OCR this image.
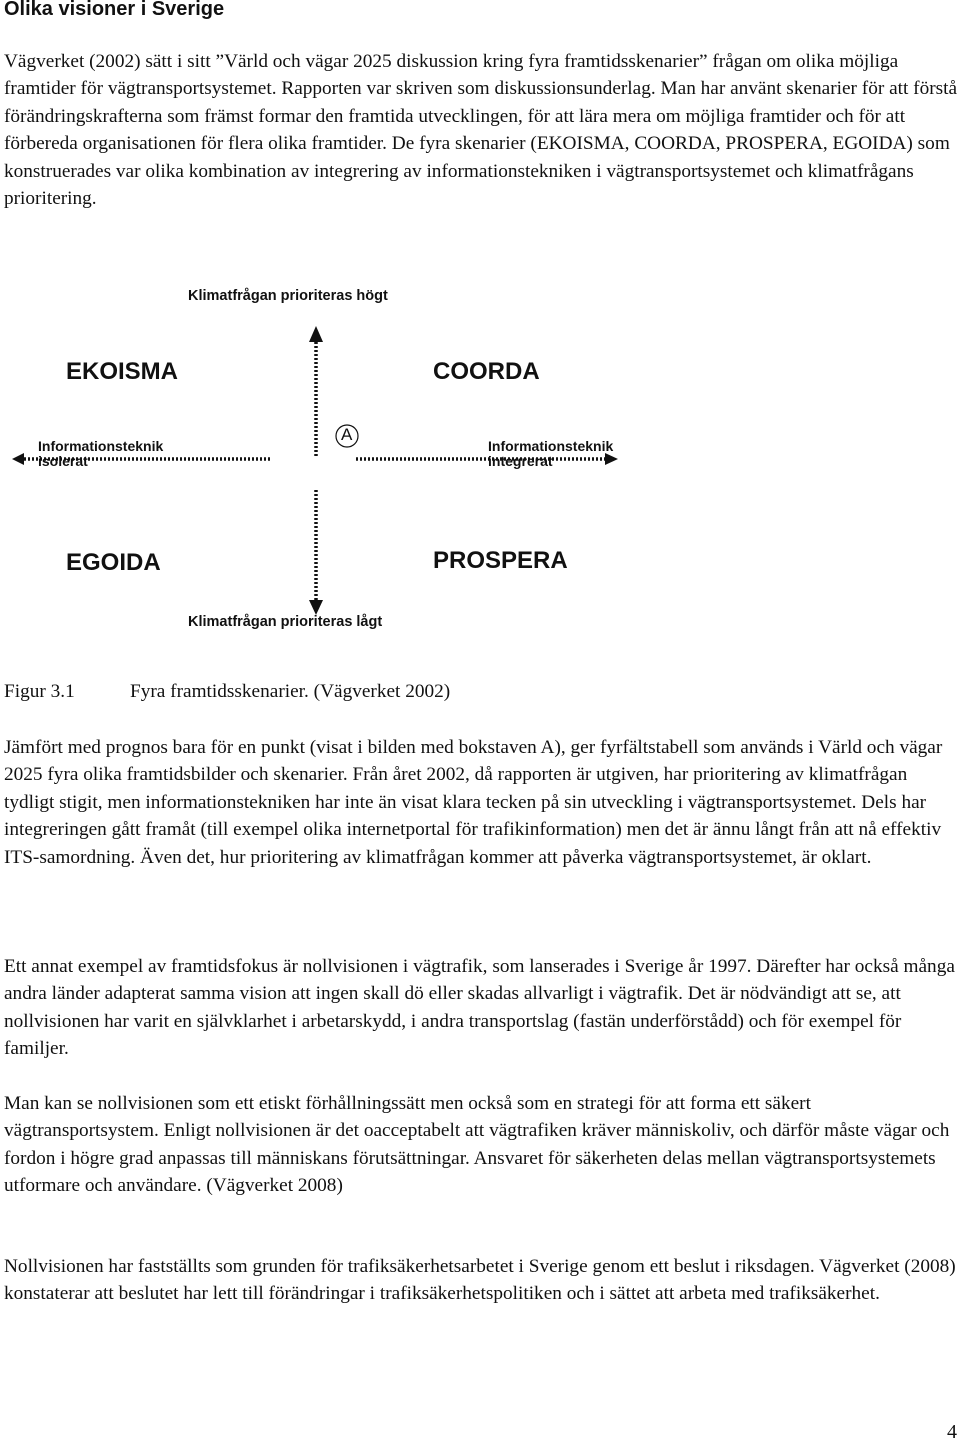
Olika visioner i Sverige

Vägverket (2002) sätt i sitt ”Värld och vägar 2025 diskussion kring fyra framtidsskenarier” frågan om olika möjliga framtider för vägtransportsystemet. Rapporten var skriven som diskussionsunderlag. Man har använt skenarier för att förstå förändringskrafterna som främst formar den framtida utvecklingen, för att lära mera om möjliga framtider och för att förbereda organisationen för flera olika framtider. De fyra skenarier (EKOISMA, COORDA, PROSPERA, EGOIDA) som konstruerades var olika kombination av integrering av informationstekniken i vägtransportsystemet och klimatfrågans prioritering.

Klimatfrågan prioriteras högt
Klimatfrågan prioriteras lågt
EKOISMA	COORDA
EGOIDA	PROSPERA
Informationsteknik
isolerat
Informationsteknik
integrerat
A
Figur 3.1	Fyra framtidsskenarier. (Vägverket 2002)

Jämfört med prognos bara för en punkt (visat i bilden med bokstaven A), ger fyrfältstabell som används i Värld och vägar 2025 fyra olika framtidsbilder och skenarier. Från året 2002, då rapporten är utgiven, har prioritering av klimatfrågan tydligt stigit, men informationstekniken har inte än visat klara tecken på sin utveckling i vägtransportsystemet. Dels har integreringen gått framåt (till exempel olika internetportal för trafikinformation) men det är ännu långt från att nå effektiv ITS-samordning. Även det, hur prioritering av klimatfrågan kommer att påverka vägtransportsystemet, är oklart.

Ett annat exempel av framtidsfokus är nollvisionen i vägtrafik, som lanserades i Sverige år 1997. Därefter har också många andra länder adapterat samma vision att ingen skall dö eller skadas allvarligt i vägtrafik. Det är nödvändigt att se, att nollvisionen har varit en självklarhet i arbetarskydd, i andra transportslag (fastän underförstådd) och för exempel för familjer.

Man kan se nollvisionen som ett etiskt förhållningssätt men också som en strategi för att forma ett säkert vägtransportsystem. Enligt nollvisionen är det oacceptabelt att vägtrafiken kräver människoliv, och därför måste vägar och fordon i högre grad anpassas till människans förutsättningar. Ansvaret för säkerheten delas mellan vägtransportsystemets utformare och användare. (Vägverket 2008)

Nollvisionen har fastställts som grunden för trafiksäkerhetsarbetet i Sverige genom ett beslut i riksdagen. Vägverket (2008) konstaterar att beslutet har lett till förändringar i trafiksäkerhetspolitiken och i sättet att arbeta med trafiksäkerhet.

4
